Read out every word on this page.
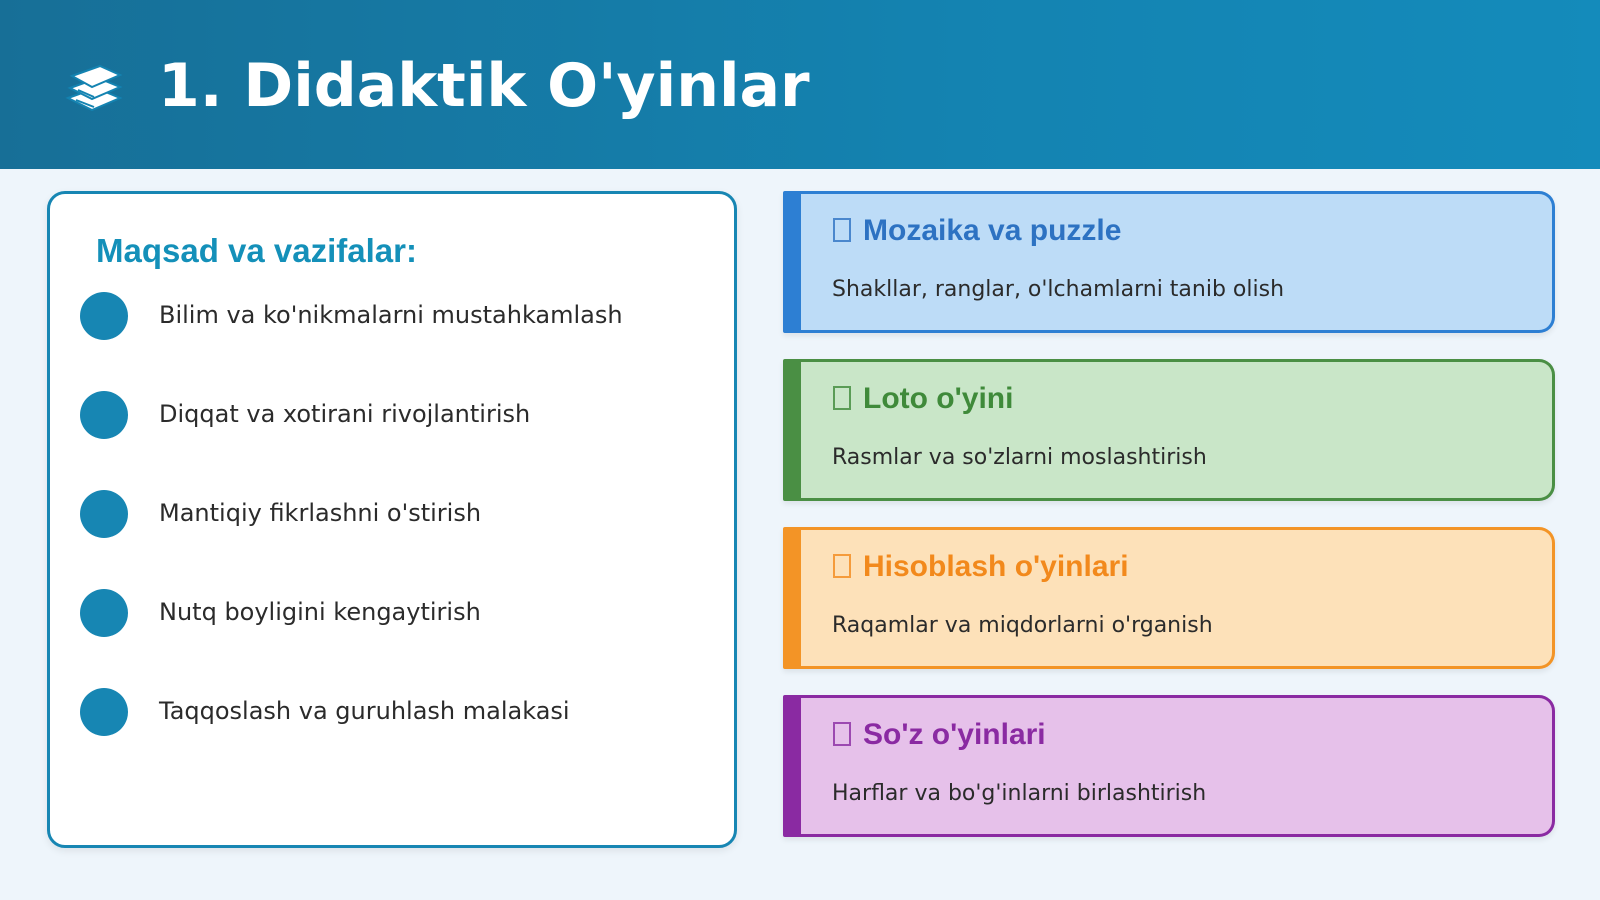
1. Didaktik O'yinlar
Maqsad va vazifalar:
Bilim va ko'nikmalarni mustahkamlash
Diqqat va xotirani rivojlantirish
Mantiqiy fikrlashni o'stirish
Nutq boyligini kengaytirish
Taqqoslash va guruhlash malakasi
Mozaika va puzzle
Shakllar, ranglar, o'lchamlarni tanib olish
Loto o'yini
Rasmlar va so'zlarni moslashtirish
Hisoblash o'yinlari
Raqamlar va miqdorlarni o'rganish
So'z o'yinlari
Harflar va bo'g'inlarni birlashtirish
